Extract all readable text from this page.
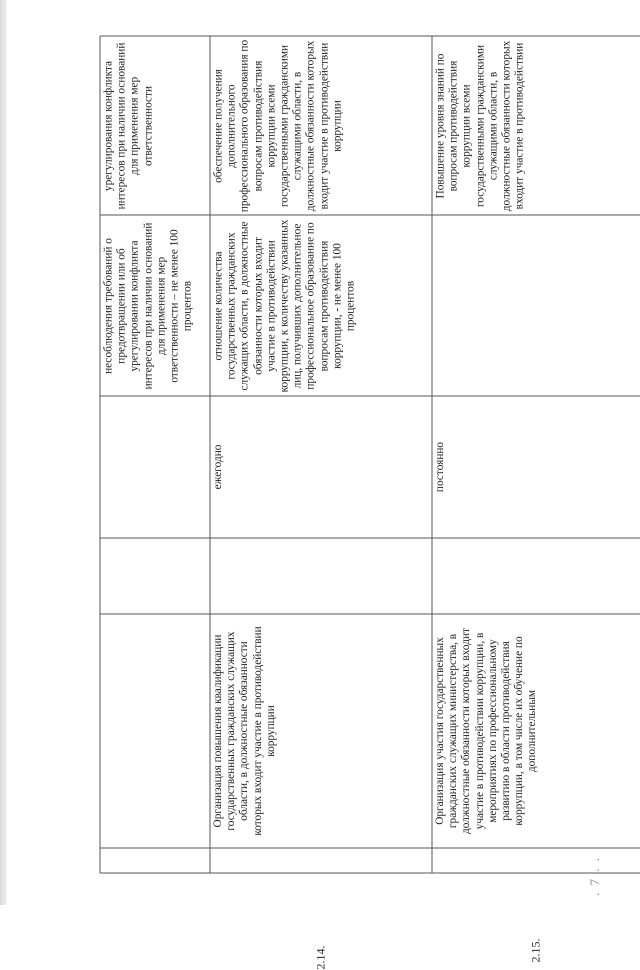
несоблюдения требований о предотвращении или об урегулировании конфликта интересов при наличии оснований для применения мер ответственности – не менее 100 процентов
урегулирования конфликта интересов при наличии оснований для применения мер ответственности
2.14.
Организация повышения квалификации государственных гражданских служащих области, в должностные обязанности которых входит участие в противодействии коррупции
ежегодно
отношение количества государственных гражданских служащих области, в должностные обязанности которых входит участие в противодействии коррупции, к количеству указанных лиц, получивших дополнительное профессиональное образование по вопросам противодействия коррупции, - не менее 100 процентов
обеспечение получения дополнительного профессионального образования по вопросам противодействия коррупции всеми государственными гражданскими служащими области, в должностные обязанности которых входит участие в противодействии коррупции
2.15.
Организация участия государственных гражданских служащих министерства, в должностные обязанности которых входит участие в противодействии коррупции, в мероприятиях по профессиональному развитию в области противодействия коррупции, в том числе их обучение по дополнительным
постоянно
Повышение уровня знаний по вопросам противодействия коррупции всеми государственными гражданскими служащими области, в должностные обязанности которых входит участие в противодействии
. 7 . .
